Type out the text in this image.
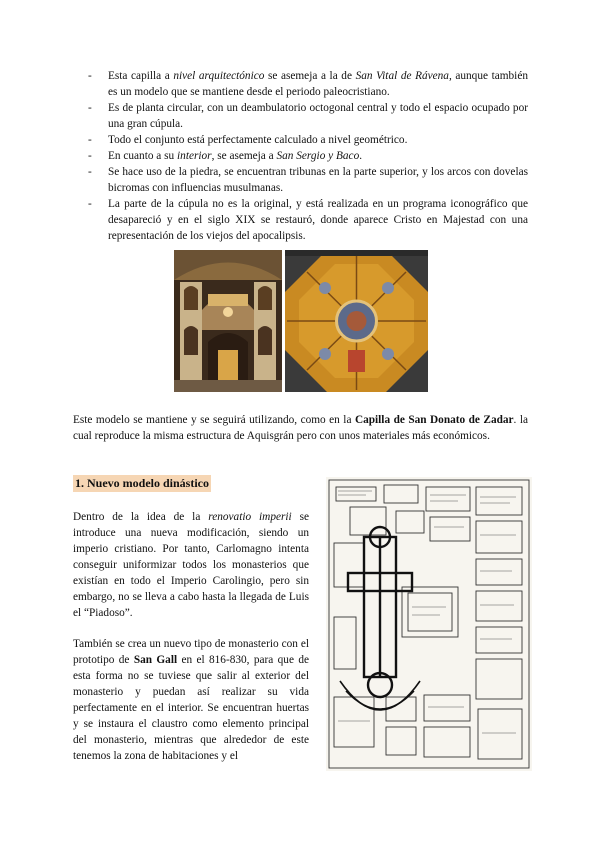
- Esta capilla a nivel arquitectónico se asemeja a la de San Vital de Rávena, aunque también es un modelo que se mantiene desde el periodo paleocristiano.
- Es de planta circular, con un deambulatorio octogonal central y todo el espacio ocupado por una gran cúpula.
- Todo el conjunto está perfectamente calculado a nivel geométrico.
- En cuanto a su interior, se asemeja a San Sergio y Baco.
- Se hace uso de la piedra, se encuentran tribunas en la parte superior, y los arcos con dovelas bicromas con influencias musulmanas.
- La parte de la cúpula no es la original, y está realizada en un programa iconográfico que desapareció y en el siglo XIX se restauró, donde aparece Cristo en Majestad con una representación de los viejos del apocalipsis.

Este modelo se mantiene y se seguirá utilizando, como en la Capilla de San Donato de Zadar. la cual reproduce la misma estructura de Aquisgrán pero con unos materiales más económicos.

1. Nuevo modelo dinástico

Dentro de la idea de la renovatio imperii se introduce una nueva modificación, siendo un imperio cristiano. Por tanto, Carlomagno intenta conseguir uniformizar todos los monasterios que existían en todo el Imperio Carolingio, pero sin embargo, no se lleva a cabo hasta la llegada de Luis el “Piadoso”.

También se crea un nuevo tipo de monasterio con el prototipo de San Gall en el 816-830, para que de esta forma no se tuviese que salir al exterior del monasterio y puedan así realizar su vida perfectamente en el interior. Se encuentran huertas y se instaura el claustro como elemento principal del monasterio, mientras que alrededor de este tenemos la zona de habitaciones y el
